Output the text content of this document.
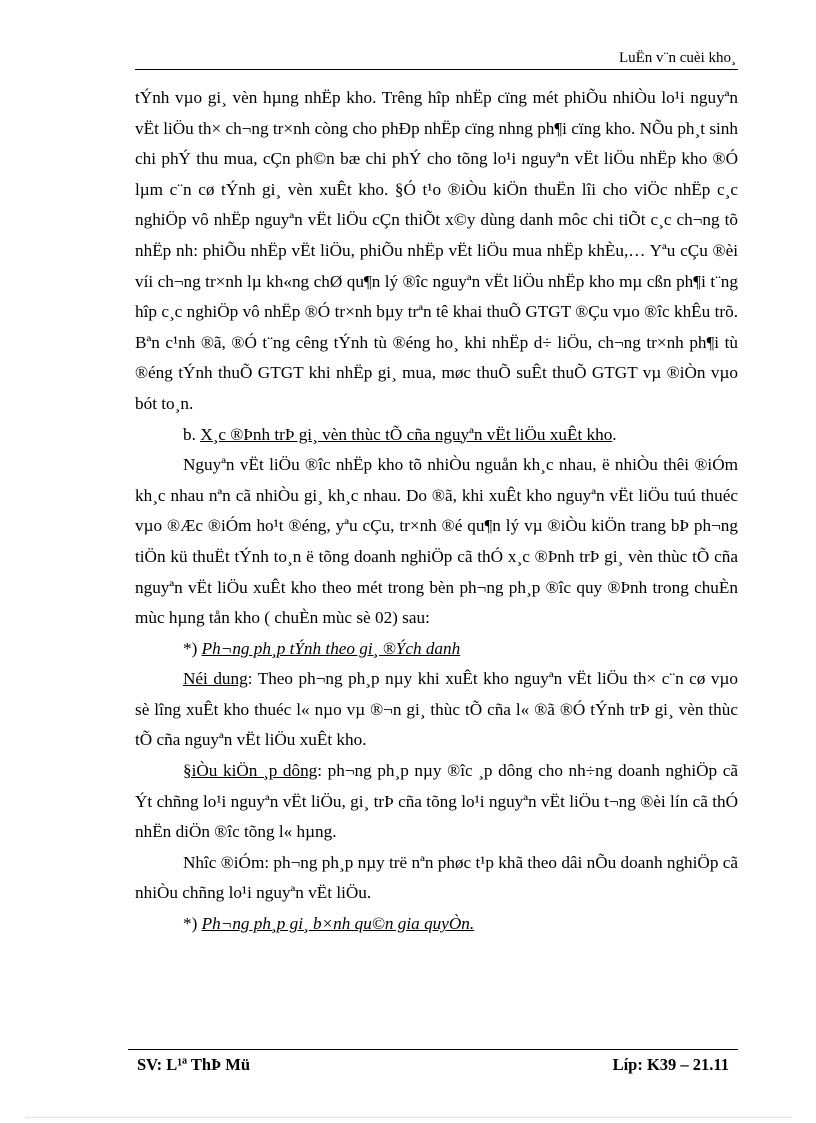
LuËn v¨n cuèi kho¸

tÝnh vµo gi¸ vèn hµng nhËp kho. Trêng hîp nhËp cïng mét phiÕu nhiÒu lo¹i nguyªn vËt liÖu th× ch¬ng tr×nh còng cho phÐp nhËp cïng nhng ph¶i cïng kho. NÕu ph¸t sinh chi phÝ thu mua, cÇn ph©n bæ chi phÝ cho tõng lo¹i nguyªn vËt liÖu nhËp kho ®Ó lµm c¨n cø tÝnh gi¸ vèn xuÊt kho. §Ó t¹o ®iÒu kiÖn thuËn lîi cho viÖc nhËp c¸c nghiÖp vô nhËp nguyªn vËt liÖu cÇn thiÕt x©y dùng danh môc chi tiÕt c¸c ch¬ng tõ nhËp nh: phiÕu nhËp vËt liÖu, phiÕu nhËp vËt liÖu mua nhËp khÈu,… Yªu cÇu ®èi víi ch¬ng tr×nh lµ kh«ng chØ qu¶n lý ®îc nguyªn vËt liÖu nhËp kho mµ cßn ph¶i t¨ng hîp c¸c nghiÖp vô nhËp ®Ó tr×nh bµy trªn tê khai thuÕ GTGT ®Çu vµo ®îc khÊu trõ. Bªn c¹nh ®ã, ®Ó t¨ng cêng tÝnh tù ®éng ho¸ khi nhËp d÷ liÖu, ch¬ng tr×nh ph¶i tù ®éng tÝnh thuÕ GTGT khi nhËp gi¸ mua, møc thuÕ suÊt thuÕ GTGT vµ ®iÒn vµo bót to¸n.

b. X¸c ®Þnh trÞ gi¸ vèn thùc tÕ cña nguyªn vËt liÖu xuÊt kho.

Nguyªn vËt liÖu ®îc nhËp kho tõ nhiÒu nguån kh¸c nhau, ë nhiÒu thêi ®iÓm kh¸c nhau nªn cã nhiÒu gi¸ kh¸c nhau. Do ®ã, khi xuÊt kho nguyªn vËt liÖu tuú thuéc vµo ®Æc ®iÓm ho¹t ®éng, yªu cÇu, tr×nh ®é qu¶n lý vµ ®iÒu kiÖn trang bÞ ph¬ng tiÖn kü thuËt tÝnh to¸n ë tõng doanh nghiÖp cã thÓ x¸c ®Þnh trÞ gi¸ vèn thùc tÕ cña nguyªn vËt liÖu xuÊt kho theo mét trong bèn ph¬ng ph¸p ®îc quy ®Þnh trong chuÈn mùc hµng tån kho ( chuÈn mùc sè 02) sau:

*) Ph¬ng ph¸p tÝnh theo gi¸ ®Ých danh

Néi dung: Theo ph¬ng ph¸p nµy khi xuÊt kho nguyªn vËt liÖu th× c¨n cø vµo sè lîng xuÊt kho thuéc l« nµo vµ ®¬n gi¸ thùc tÕ cña l« ®ã ®Ó tÝnh trÞ gi¸ vèn thùc tÕ cña nguyªn vËt liÖu xuÊt kho.

§iÒu kiÖn ¸p dông: ph¬ng ph¸p nµy ®îc ¸p dông cho nh÷ng doanh nghiÖp cã Ýt chñng lo¹i nguyªn vËt liÖu, gi¸ trÞ cña tõng lo¹i nguyªn vËt liÖu t¬ng ®èi lín cã thÓ nhËn diÖn ®îc tõng l« hµng.

Nhîc ®iÓm: ph¬ng ph¸p nµy trë nªn phøc t¹p khã theo dâi nÕu doanh nghiÖp cã nhiÒu chñng lo¹i nguyªn vËt liÖu.

*) Ph¬ng ph¸p gi¸ b×nh qu©n gia quyÒn.

SV: L¹ª ThÞ Mü	Líp: K39 – 21.11
